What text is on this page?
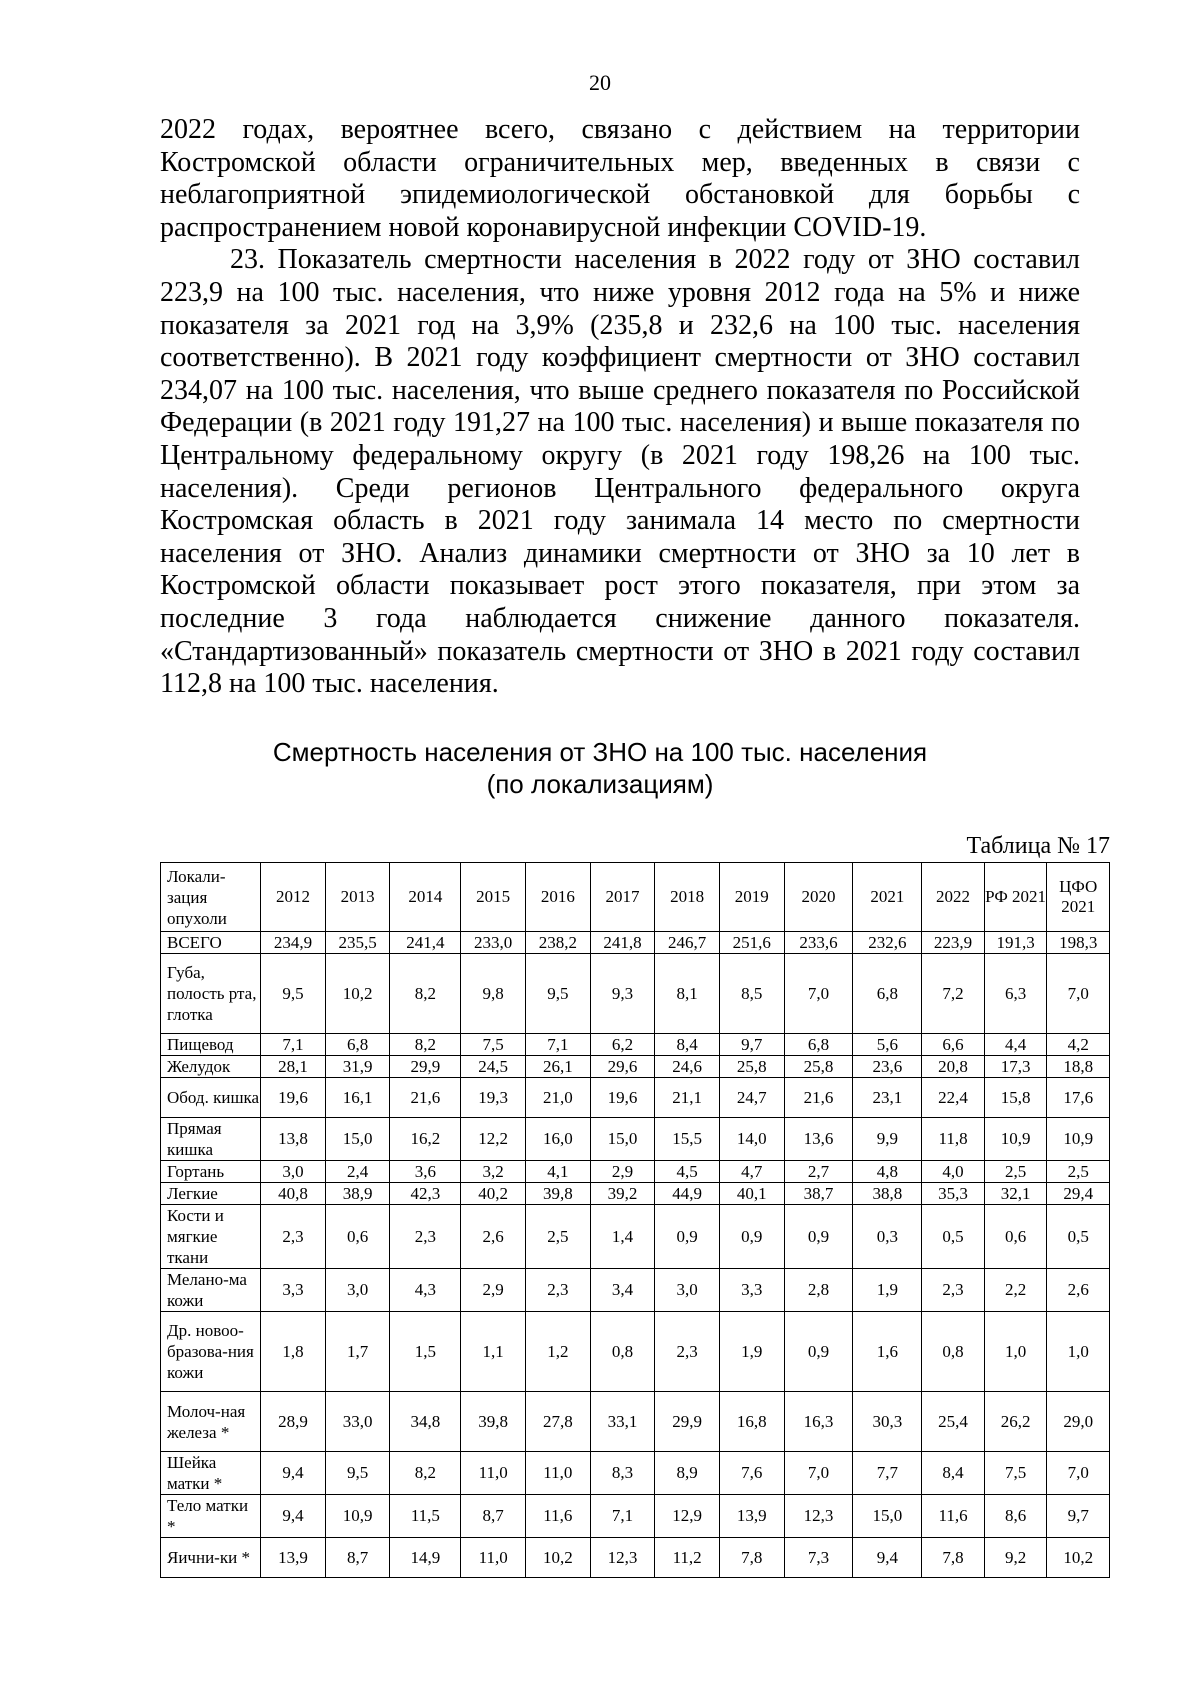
20

2022 годах, вероятнее всего, связано с действием на территории Костромской области ограничительных мер, введенных в связи с неблагоприятной эпидемиологической обстановкой для борьбы с распространением новой коронавирусной инфекции COVID-19.

23. Показатель смертности населения в 2022 году от ЗНО составил 223,9 на 100 тыс. населения, что ниже уровня 2012 года на 5% и ниже показателя за 2021 год на 3,9% (235,8 и 232,6 на 100 тыс. населения соответственно). В 2021 году коэффициент смертности от ЗНО составил 234,07 на 100 тыс. населения, что выше среднего показателя по Российской Федерации (в 2021 году 191,27 на 100 тыс. населения) и выше показателя по Центральному федеральному округу (в 2021 году 198,26 на 100 тыс. населения). Среди регионов Центрального федерального округа Костромская область в 2021 году занимала 14 место по смертности населения от ЗНО. Анализ динамики смертности от ЗНО за 10 лет в Костромской области показывает рост этого показателя, при этом за последние 3 года наблюдается снижение данного показателя. «Стандартизованный» показатель смертности от ЗНО в 2021 году составил 112,8 на 100 тыс. населения.

Смертность населения от ЗНО на 100 тыс. населения
(по локализациям)
Таблица № 17
Локали-зация опухоли	2012	2013	2014	2015	2016	2017	2018	2019	2020	2021	2022	РФ 2021	ЦФО 2021
ВСЕГО	234,9	235,5	241,4	233,0	238,2	241,8	246,7	251,6	233,6	232,6	223,9	191,3	198,3
Губа, полость рта, глотка	9,5	10,2	8,2	9,8	9,5	9,3	8,1	8,5	7,0	6,8	7,2	6,3	7,0
Пищевод	7,1	6,8	8,2	7,5	7,1	6,2	8,4	9,7	6,8	5,6	6,6	4,4	4,2
Желудок	28,1	31,9	29,9	24,5	26,1	29,6	24,6	25,8	25,8	23,6	20,8	17,3	18,8
Обод. кишка	19,6	16,1	21,6	19,3	21,0	19,6	21,1	24,7	21,6	23,1	22,4	15,8	17,6
Прямая кишка	13,8	15,0	16,2	12,2	16,0	15,0	15,5	14,0	13,6	9,9	11,8	10,9	10,9
Гортань	3,0	2,4	3,6	3,2	4,1	2,9	4,5	4,7	2,7	4,8	4,0	2,5	2,5
Легкие	40,8	38,9	42,3	40,2	39,8	39,2	44,9	40,1	38,7	38,8	35,3	32,1	29,4
Кости и мягкие ткани	2,3	0,6	2,3	2,6	2,5	1,4	0,9	0,9	0,9	0,3	0,5	0,6	0,5
Мелано-ма кожи	3,3	3,0	4,3	2,9	2,3	3,4	3,0	3,3	2,8	1,9	2,3	2,2	2,6
Др. новоо-бразова-ния кожи	1,8	1,7	1,5	1,1	1,2	0,8	2,3	1,9	0,9	1,6	0,8	1,0	1,0
Молоч-ная железа *	28,9	33,0	34,8	39,8	27,8	33,1	29,9	16,8	16,3	30,3	25,4	26,2	29,0
Шейка матки *	9,4	9,5	8,2	11,0	11,0	8,3	8,9	7,6	7,0	7,7	8,4	7,5	7,0
Тело матки *	9,4	10,9	11,5	8,7	11,6	7,1	12,9	13,9	12,3	15,0	11,6	8,6	9,7
Яични-ки *	13,9	8,7	14,9	11,0	10,2	12,3	11,2	7,8	7,3	9,4	7,8	9,2	10,2
